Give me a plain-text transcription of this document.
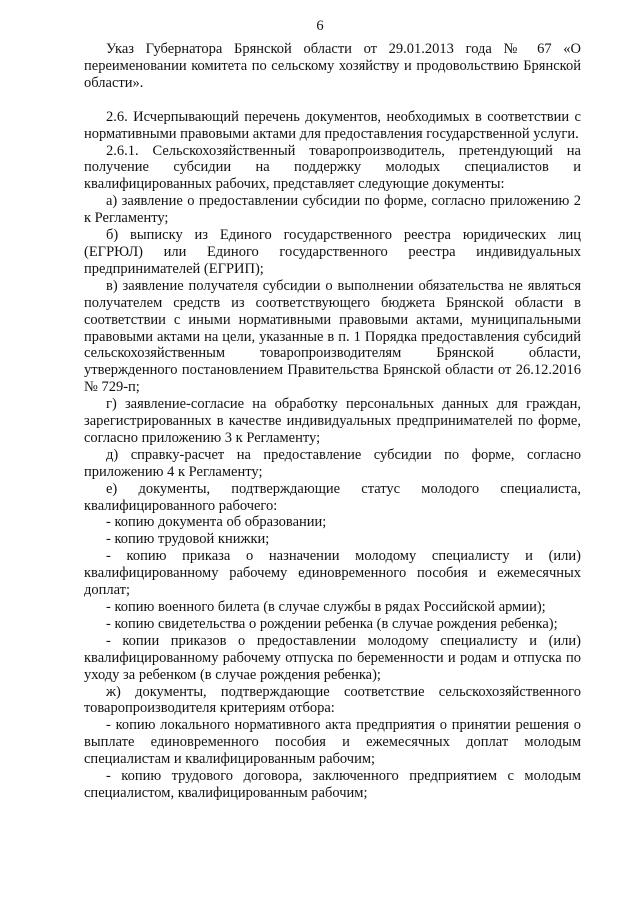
6
Указ Губернатора Брянской области от 29.01.2013 года № 67 «О
переименовании комитета по сельскому хозяйству и продовольствию Брянской
области».
2.6. Исчерпывающий перечень документов, необходимых в соответствии с
нормативными правовыми актами для предоставления государственной услуги.
2.6.1. Сельскохозяйственный товаропроизводитель, претендующий на
получение субсидии на поддержку молодых специалистов и
квалифицированных рабочих, представляет следующие документы:
а) заявление о предоставлении субсидии по форме, согласно приложению 2
к Регламенту;
б) выписку из Единого государственного реестра юридических лиц
(ЕГРЮЛ) или Единого государственного реестра индивидуальных
предпринимателей (ЕГРИП);
в) заявление получателя субсидии о выполнении обязательства не являться
получателем средств из соответствующего бюджета Брянской области в
соответствии с иными нормативными правовыми актами, муниципальными
правовыми актами на цели, указанные в п. 1 Порядка предоставления субсидий
сельскохозяйственным товаропроизводителям Брянской области,
утвержденного постановлением Правительства Брянской области от 26.12.2016
№ 729-п;
г) заявление-согласие на обработку персональных данных для граждан,
зарегистрированных в качестве индивидуальных предпринимателей по форме,
согласно приложению 3 к Регламенту;
д) справку-расчет на предоставление субсидии по форме, согласно
приложению 4 к Регламенту;
е) документы, подтверждающие статус молодого специалиста,
квалифицированного рабочего:
- копию документа об образовании;
- копию трудовой книжки;
- копию приказа о назначении молодому специалисту и (или)
квалифицированному рабочему единовременного пособия и ежемесячных
доплат;
- копию военного билета (в случае службы в рядах Российской армии);
- копию свидетельства о рождении ребенка (в случае рождения ребенка);
- копии приказов о предоставлении молодому специалисту и (или)
квалифицированному рабочему отпуска по беременности и родам и отпуска по
уходу за ребенком (в случае рождения ребенка);
ж) документы, подтверждающие соответствие сельскохозяйственного
товаропроизводителя критериям отбора:
- копию локального нормативного акта предприятия о принятии решения о
выплате единовременного пособия и ежемесячных доплат молодым
специалистам и квалифицированным рабочим;
- копию трудового договора, заключенного предприятием с молодым
специалистом, квалифицированным рабочим;
